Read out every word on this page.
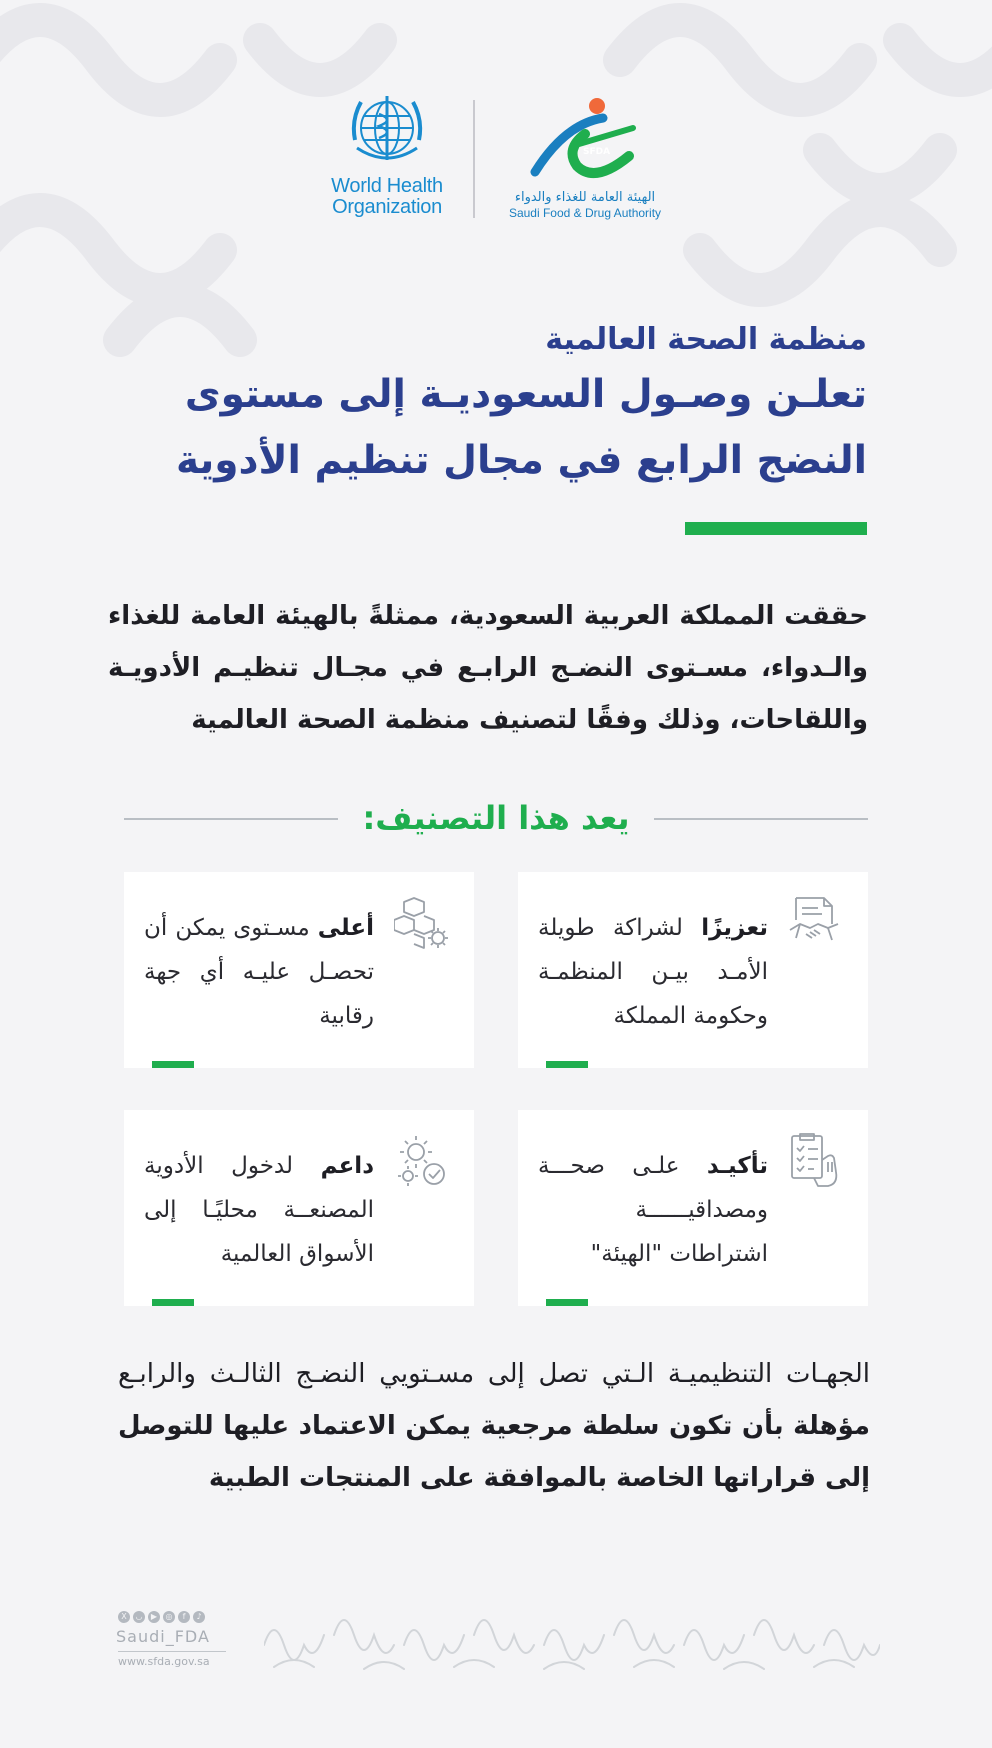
World Health
Organization
SFDA
الهيئة العامة للغذاء والدواء
Saudi Food & Drug Authority
منظمة الصحة العالمية
تعلـن وصـول السعوديـة إلى مستوى
النضج الرابع في مجال تنظيم الأدوية
حققت المملكة العربية السعودية، ممثلةً بالهيئة العامة للغذاء والـدواء، مسـتوى النضـج الرابـع في مجـال تنظيـم الأدويـة واللقاحات، وذلك وفقًا لتصنيف منظمة الصحة العالمية
يعد هذا التصنيف:
تعزيزًا لشراكة طويلة الأمـد بيـن المنظمـة وحكومة المملكة
أعلى مسـتوى يمكن أن تحصـل عليـه أي جهة رقابية
تأكيـد علـى صحـــة ومصداقيــــــة اشتراطات "الهيئة"
داعم لدخول الأدوية المصنعــة محليًـا إلى الأسواق العالمية
الجهـات التنظيميـة الـتي تصل إلى مسـتويي النضـج الثالـث والرابـع مؤهلة بأن تكون سلطة مرجعية يمكن الاعتماد عليها للتوصل إلى قراراتها الخاصة بالموافقة على المنتجات الطبية
X	◡	▶	◎	f	♪
Saudi_FDA
www.sfda.gov.sa
